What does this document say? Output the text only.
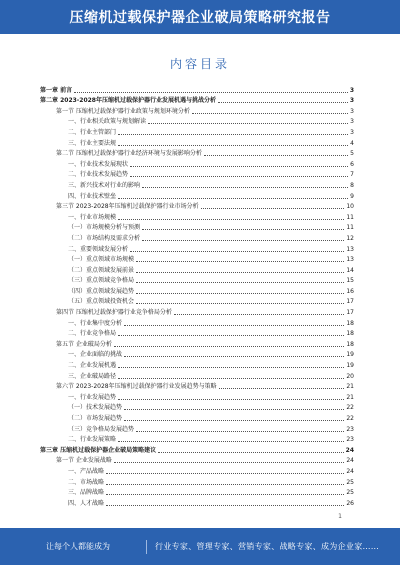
压缩机过载保护器企业破局策略研究报告
内容目录
第一章 前言	3
第二章 2023-2028年压缩机过载保护器行业发展机遇与挑战分析	3
第一节 压缩机过载保护器行业政策与规划环境分析	3
一、行业相关政策与规划解读	3
二、行业主管部门	3
三、行业主要法规	4
第二节 压缩机过载保护器行业经济环境与发展影响分析	5
一、行业技术发展现状	6
二、行业技术发展趋势	7
三、新兴技术对行业的影响	8
四、行业技术壁垒	9
第三节 2023-2028年压缩机过载保护器行业市场分析	10
一、行业市场规模	11
（一）市场规模分析与预测	11
（二）市场结构及需求分析	12
二、重要领域发展分析	13
（一）重点领域市场规模	13
（二）重点领域发展前景	14
（三）重点领域竞争格局	15
（四）重点领域发展趋势	16
（五）重点领域投资机会	17
第四节 压缩机过载保护器行业竞争格局分析	17
一、行业集中度分析	18
二、行业竞争格局	18
第五节 企业破局分析	18
一、企业面临的挑战	19
二、企业发展机遇	19
三、企业破局路径	20
第六节 2023-2028年压缩机过载保护器行业发展趋势与策略	21
一、行业发展趋势	21
（一）技术发展趋势	22
（二）市场发展趋势	22
（三）竞争格局发展趋势	23
二、行业发展策略	23
第三章 压缩机过载保护器企业破局策略建议	24
第一节 企业发展战略	24
一、产品战略	24
二、市场战略	25
三、品牌战略	25
四、人才战略	26
1
让每个人都能成为	行业专家、管理专家、营销专家、战略专家、成为企业家……
